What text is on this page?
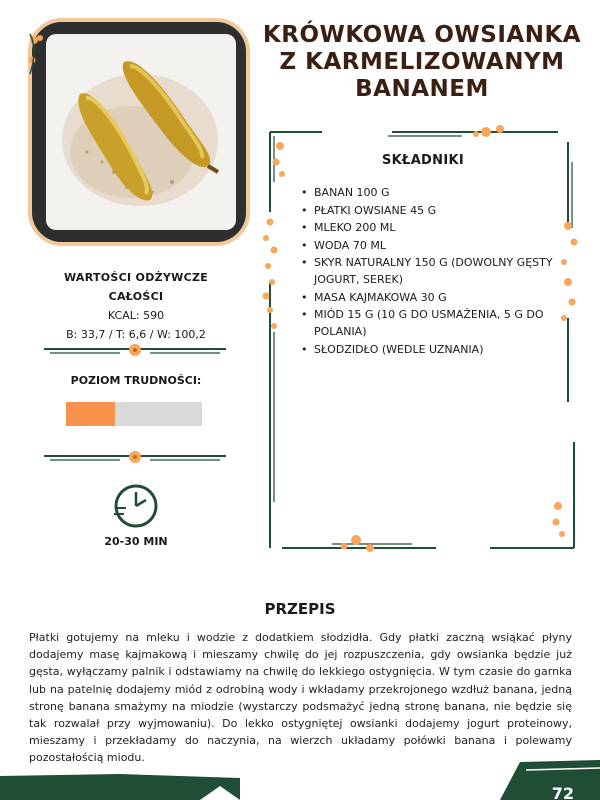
KRÓWKOWA OWSIANKA
Z KARMELIZOWANYM
BANANEM
WARTOŚCI ODŻYWCZE CAŁOŚCI
KCAL: 590
B: 33,7 / T: 6,6 / W: 100,2
POZIOM TRUDNOŚCI:
20-30 MIN
SKŁADNIKI
• BANAN 100 G
• PŁATKI OWSIANE 45 G
• MLEKO 200 ML
• WODA 70 ML
• SKYR NATURALNY 150 G (DOWOLNY GĘSTY JOGURT, SEREK)
• MASA KAJMAKOWA 30 G
• MIÓD 15 G (10 G DO USMAŻENIA, 5 G DO POLANIA)
• SŁODZIDŁO (WEDLE UZNANIA)
PRZEPIS
Płatki gotujemy na mleku i wodzie z dodatkiem słodzidła. Gdy płatki zaczną wsiąkać płyny dodajemy masę kajmakową i mieszamy chwilę do jej rozpuszczenia, gdy owsianka będzie już gęsta, wyłączamy palnik i odstawiamy na chwilę do lekkiego ostygnięcia. W tym czasie do garnka lub na patelnię dodajemy miód z odrobiną wody i wkładamy przekrojonego wzdłuż banana, jedną stronę banana smażymy na miodzie (wystarczy podsmażyć jedną stronę banana, nie będzie się tak rozwalał przy wyjmowaniu). Do lekko ostygniętej owsianki dodajemy jogurt proteinowy, mieszamy i przekładamy do naczynia, na wierzch układamy połówki banana i polewamy pozostałością miodu.
72
